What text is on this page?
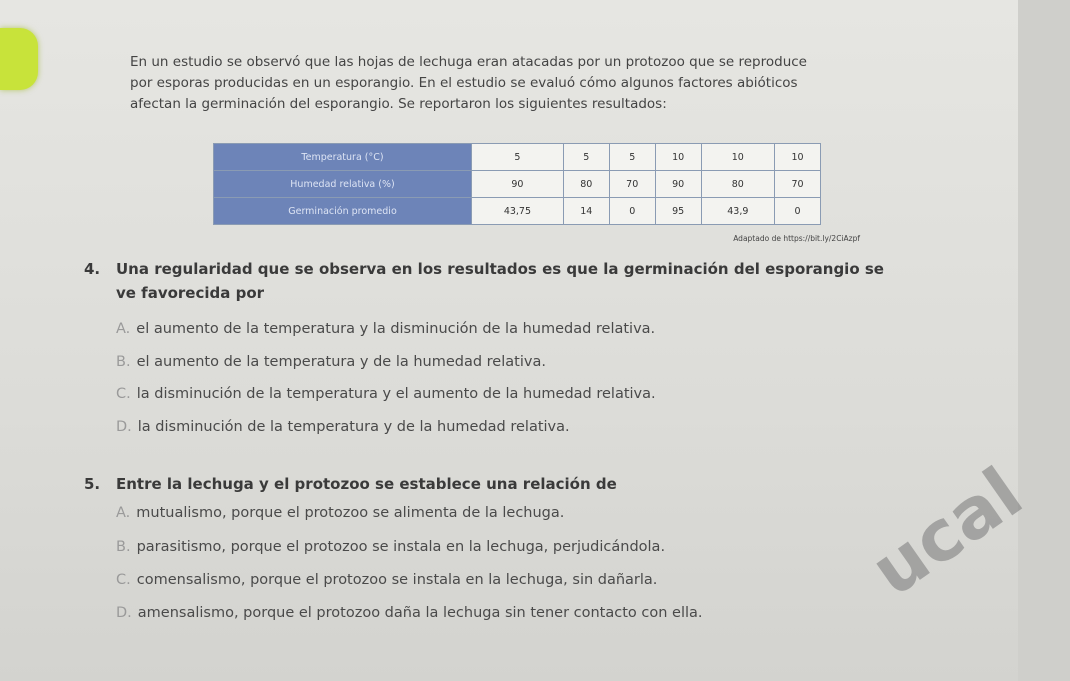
ucal

En un estudio se observó que las hojas de lechuga eran atacadas por un protozoo que se reproduce

por esporas producidas en un esporangio. En el estudio se evaluó cómo algunos factores abióticos

afectan la germinación del esporangio. Se reportaron los siguientes resultados:

Temperatura (°C)	5	5	5	10	10	10
Humedad relativa (%)	90	80	70	90	80	70
Germinación promedio	43,75	14	0	95	43,9	0
Adaptado de https://bit.ly/2CiAzpf
4. Una regularidad que se observa en los resultados es que la germinación del esporangio se
ve favorecida por
A. el aumento de la temperatura y la disminución de la humedad relativa.
B. el aumento de la temperatura y de la humedad relativa.
C. la disminución de la temperatura y el aumento de la humedad relativa.
D. la disminución de la temperatura y de la humedad relativa.
5. Entre la lechuga y el protozoo se establece una relación de
A. mutualismo, porque el protozoo se alimenta de la lechuga.
B. parasitismo, porque el protozoo se instala en la lechuga, perjudicándola.
C. comensalismo, porque el protozoo se instala en la lechuga, sin dañarla.
D. amensalismo, porque el protozoo daña la lechuga sin tener contacto con ella.
